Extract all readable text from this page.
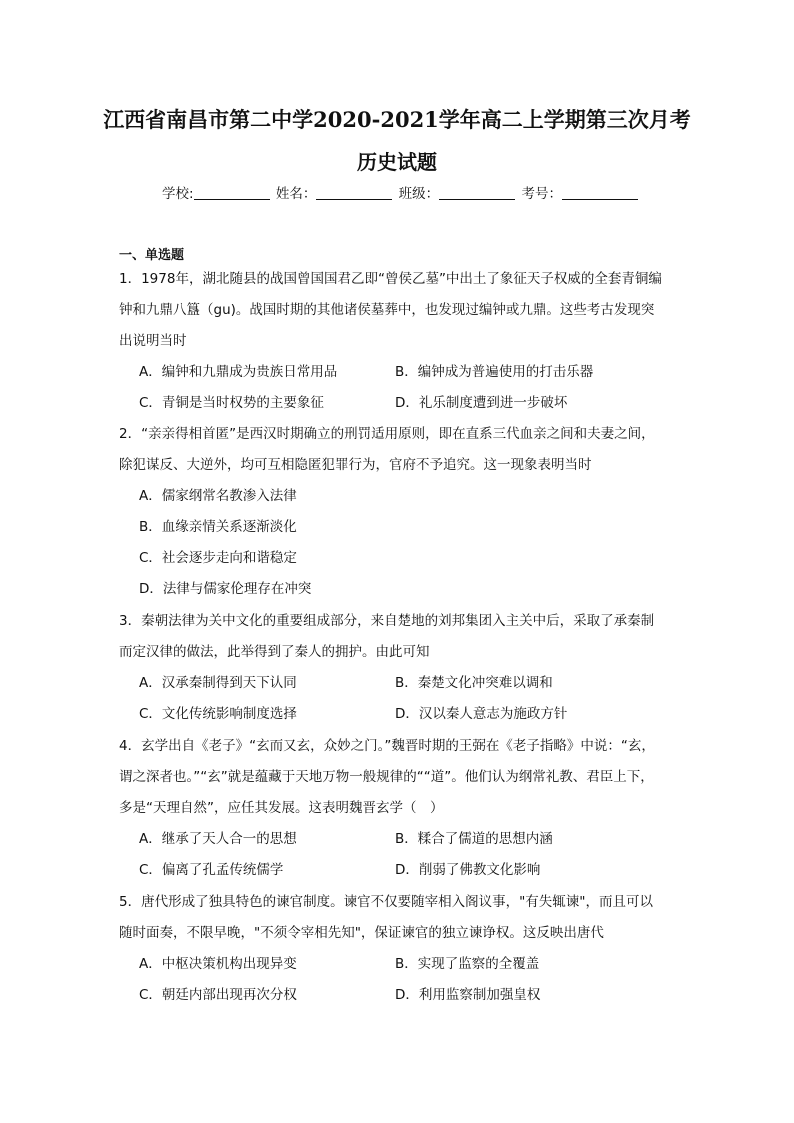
江西省南昌市第二中学2020-2021学年高二上学期第三次月考
历史试题
学校:	姓名：	班级：	考号：
一、单选题
1．1978年，湖北随县的战国曾国国君乙即“曾侯乙墓”中出土了象征天子权威的全套青铜编
钟和九鼎八簋（gu)。战国时期的其他诸侯墓葬中，也发现过编钟或九鼎。这些考古发现突
出说明当时
A．编钟和九鼎成为贵族日常用品	B．编钟成为普遍使用的打击乐器
C．青铜是当时权势的主要象征	D．礼乐制度遭到进一步破坏
2．“亲亲得相首匿”是西汉时期确立的刑罚适用原则，即在直系三代血亲之间和夫妻之间，
除犯谋反、大逆外，均可互相隐匿犯罪行为，官府不予追究。这一现象表明当时
A．儒家纲常名教渗入法律
B．血缘亲情关系逐渐淡化
C．社会逐步走向和谐稳定
D．法律与儒家伦理存在冲突
3．秦朝法律为关中文化的重要组成部分，来自楚地的刘邦集团入主关中后，采取了承秦制
而定汉律的做法，此举得到了秦人的拥护。由此可知
A．汉承秦制得到天下认同	B．秦楚文化冲突难以调和
C．文化传统影响制度选择	D．汉以秦人意志为施政方针
4．玄学出自《老子》“玄而又玄，众妙之门。”魏晋时期的王弼在《老子指略》中说：“玄，
谓之深者也。”“玄”就是蕴藏于天地万物一般规律的““道”。他们认为纲常礼教、君臣上下，
多是“天理自然”，应任其发展。这表明魏晋玄学（　）
A．继承了天人合一的思想	B．糅合了儒道的思想内涵
C．偏离了孔孟传统儒学	D．削弱了佛教文化影响
5．唐代形成了独具特色的谏官制度。谏官不仅要随宰相入阁议事，"有失辄谏"，而且可以
随时面奏，不限早晚，"不须令宰相先知"，保证谏官的独立谏诤权。这反映出唐代
A．中枢决策机构出现异变	B．实现了监察的全覆盖
C．朝廷内部出现再次分权	D．利用监察制加强皇权
